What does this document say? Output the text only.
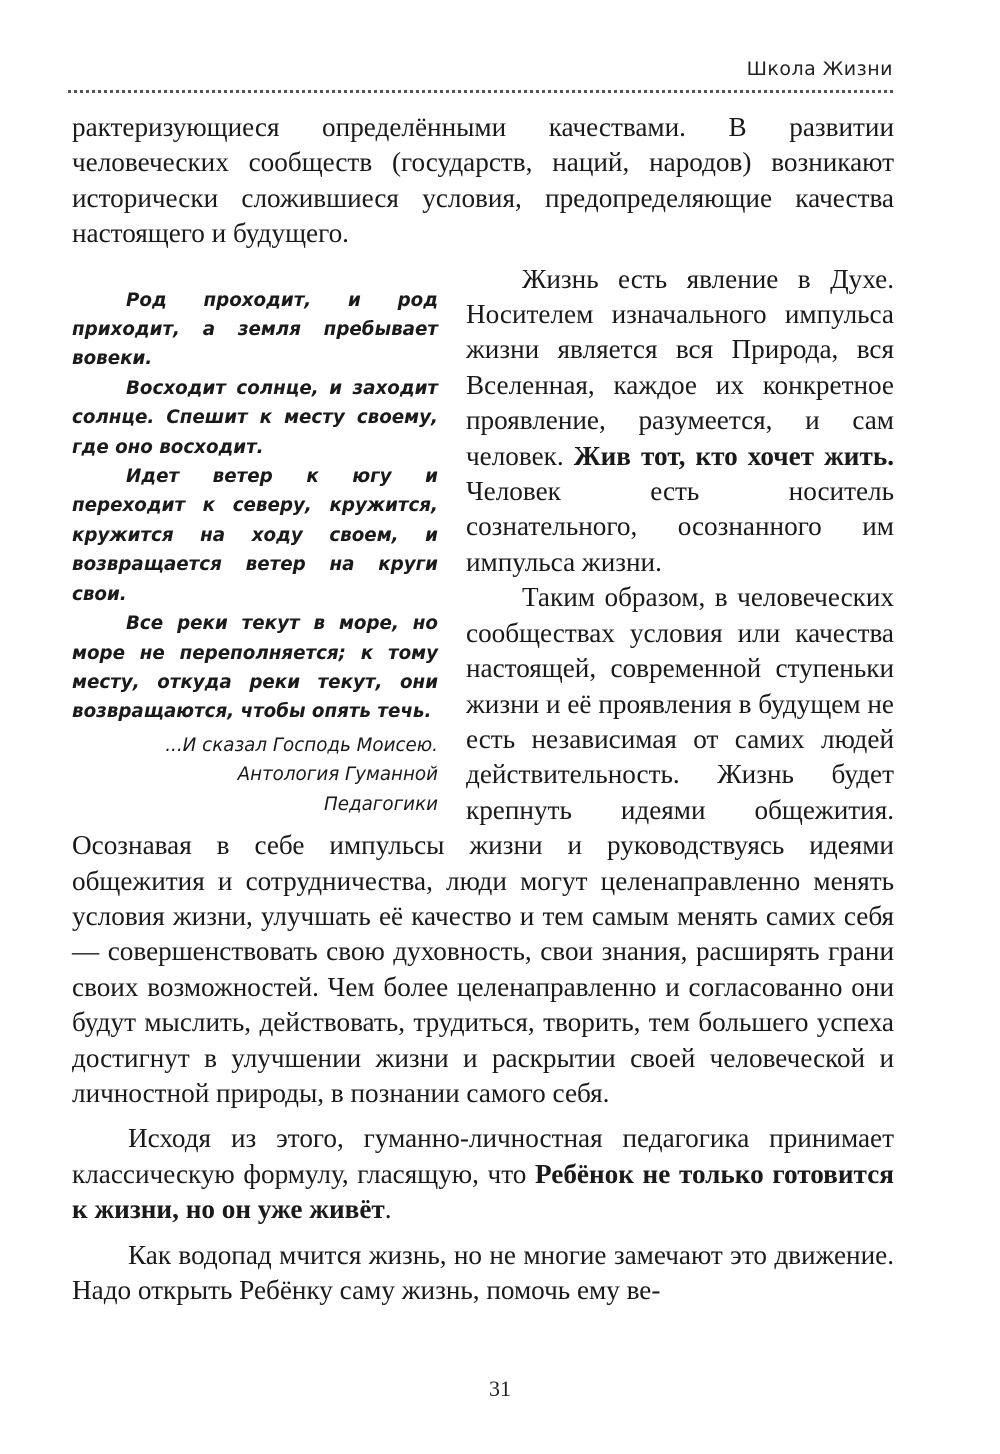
Школа Жизни

рактеризующиеся определёнными качествами. В развитии человеческих сообществ (государств, наций, народов) возникают исторически сложившиеся условия, предопределяющие качества настоящего и будущего.

Род проходит, и род приходит, а земля пребывает вовеки.

Восходит солнце, и заходит солнце. Спешит к месту своему, где оно восходит.

Идет ветер к югу и переходит к северу, кружится, кружится на ходу своем, и возвращается ветер на круги свои.

Все реки текут в море, но море не переполняется; к тому месту, откуда реки текут, они возвращаются, чтобы опять течь.

...И сказал Господь Моисею.
Антология Гуманной
Педагогики

Жизнь есть явление в Духе. Носителем изначального импульса жизни является вся Природа, вся Вселенная, каждое их конкретное проявление, разумеется, и сам человек. Жив тот, кто хочет жить. Человек есть носитель сознательного, осознанного им импульса жизни.

Таким образом, в человеческих сообществах условия или качества настоящей, современной ступеньки жизни и её проявления в будущем не есть независимая от самих людей действительность. Жизнь будет крепнуть идеями общежития. Осознавая в себе импульсы жизни и руководствуясь идеями общежития и сотрудничества, люди могут целенаправленно менять условия жизни, улучшать её качество и тем самым менять самих себя — совершенствовать свою духовность, свои знания, расширять грани своих возможностей. Чем более целенаправленно и согласованно они будут мыслить, действовать, трудиться, творить, тем большего успеха достигнут в улучшении жизни и раскрытии своей человеческой и личностной природы, в познании самого себя.

Исходя из этого, гуманно-личностная педагогика принимает классическую формулу, гласящую, что Ребёнок не только готовится к жизни, но он уже живёт.

Как водопад мчится жизнь, но не многие замечают это движение. Надо открыть Ребёнку саму жизнь, помочь ему ве-

31
